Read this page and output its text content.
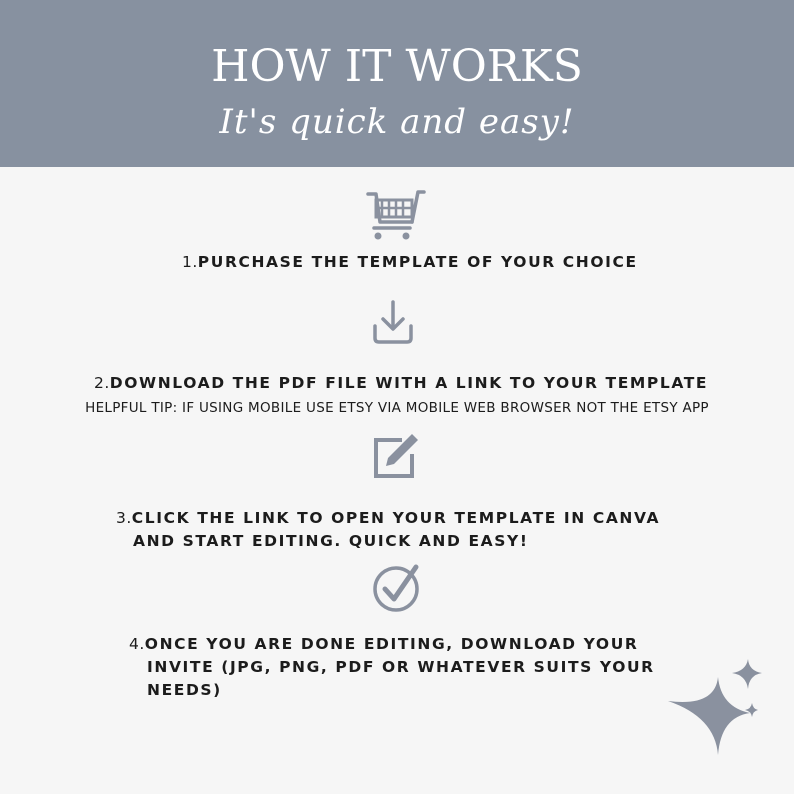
HOW IT WORKS
It's quick and easy!
1.PURCHASE THE TEMPLATE OF YOUR CHOICE
2.DOWNLOAD THE PDF FILE WITH A LINK TO YOUR TEMPLATE
HELPFUL TIP: IF USING MOBILE USE ETSY VIA MOBILE WEB BROWSER NOT THE ETSY APP
3.CLICK THE LINK TO OPEN YOUR TEMPLATE IN CANVA
AND START EDITING. QUICK AND EASY!
4.ONCE YOU ARE DONE EDITING, DOWNLOAD YOUR
INVITE (JPG, PNG, PDF OR WHATEVER SUITS YOUR
NEEDS)
